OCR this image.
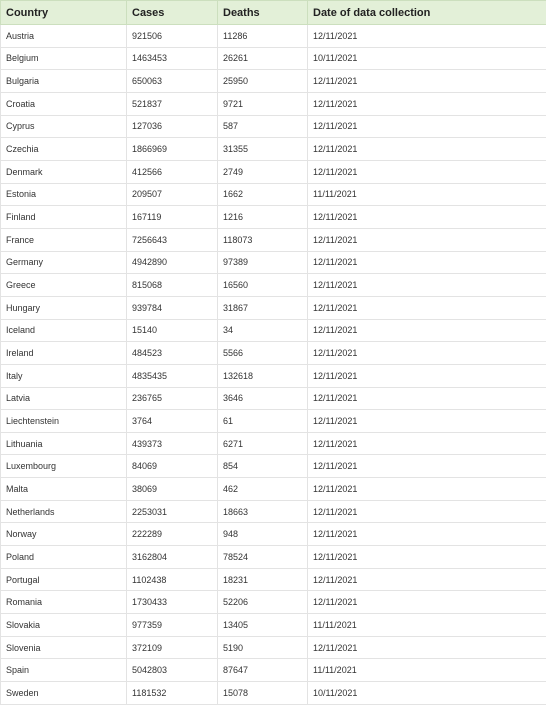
Country	Cases	Deaths	Date of data collection
Austria	921506	11286	12/11/2021
Belgium	1463453	26261	10/11/2021
Bulgaria	650063	25950	12/11/2021
Croatia	521837	9721	12/11/2021
Cyprus	127036	587	12/11/2021
Czechia	1866969	31355	12/11/2021
Denmark	412566	2749	12/11/2021
Estonia	209507	1662	11/11/2021
Finland	167119	1216	12/11/2021
France	7256643	118073	12/11/2021
Germany	4942890	97389	12/11/2021
Greece	815068	16560	12/11/2021
Hungary	939784	31867	12/11/2021
Iceland	15140	34	12/11/2021
Ireland	484523	5566	12/11/2021
Italy	4835435	132618	12/11/2021
Latvia	236765	3646	12/11/2021
Liechtenstein	3764	61	12/11/2021
Lithuania	439373	6271	12/11/2021
Luxembourg	84069	854	12/11/2021
Malta	38069	462	12/11/2021
Netherlands	2253031	18663	12/11/2021
Norway	222289	948	12/11/2021
Poland	3162804	78524	12/11/2021
Portugal	1102438	18231	12/11/2021
Romania	1730433	52206	12/11/2021
Slovakia	977359	13405	11/11/2021
Slovenia	372109	5190	12/11/2021
Spain	5042803	87647	11/11/2021
Sweden	1181532	15078	10/11/2021
